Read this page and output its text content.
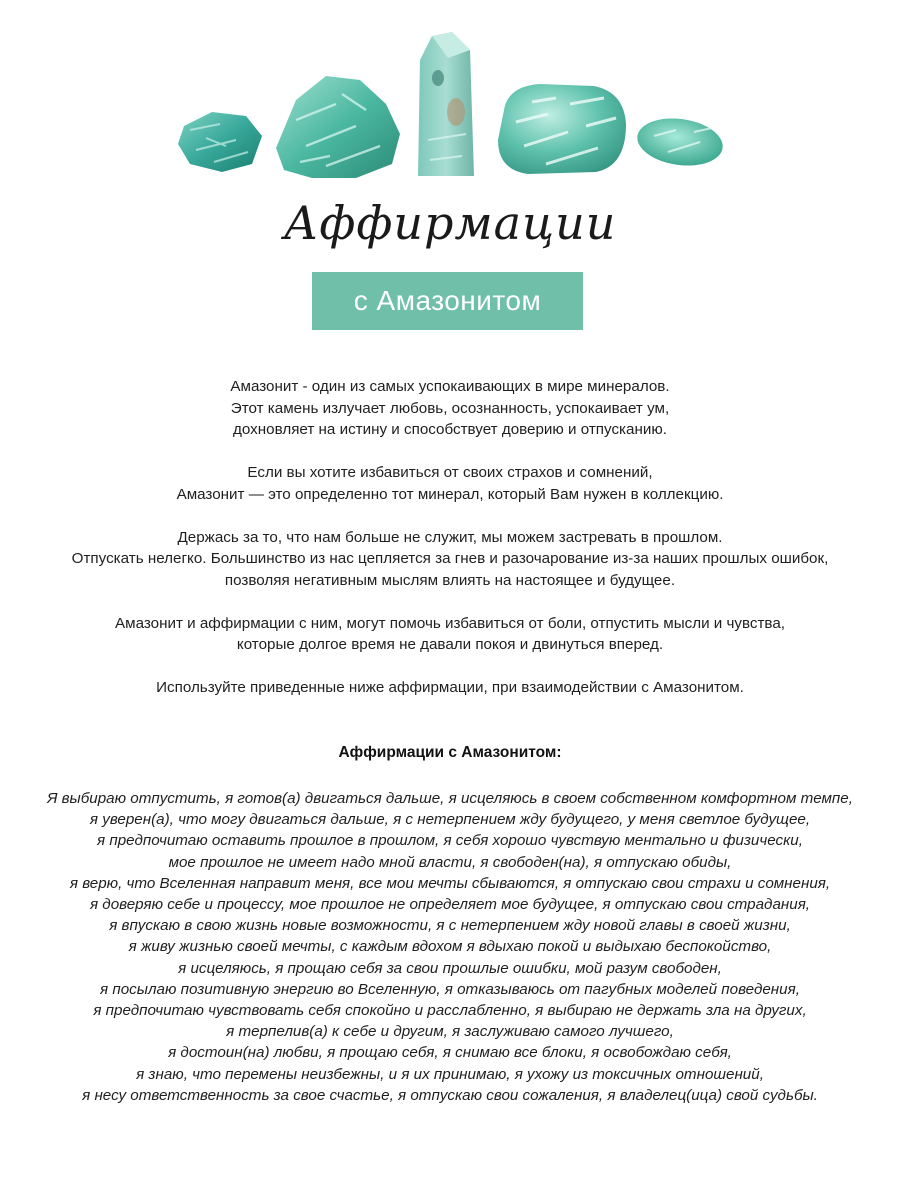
Аффирмации
с Амазонитом
Амазонит - один из самых успокаивающих в мире минералов.
Этот камень излучает любовь, осознанность, успокаивает ум,
дохновляет на истину и способствует доверию и отпусканию.
Если вы хотите избавиться от своих страхов и сомнений,
Амазонит — это определенно тот минерал, который Вам нужен в коллекцию.
Держась за то, что нам больше не служит, мы можем застревать в прошлом.
Отпускать нелегко. Большинство из нас цепляется за гнев и разочарование из-за наших прошлых ошибок,
позволяя негативным мыслям влиять на настоящее и будущее.
Амазонит и аффирмации с ним, могут помочь избавиться от боли, отпустить мысли и чувства,
которые долгое время не давали покоя и двинуться вперед.
Используйте приведенные ниже аффирмации, при взаимодействии с Амазонитом.
Аффирмации с Амазонитом:
Я выбираю отпустить, я готов(а) двигаться дальше, я исцеляюсь в своем собственном комфортном темпе,
я уверен(а), что могу двигаться дальше, я с нетерпением жду будущего, у меня светлое будущее,
я предпочитаю оставить прошлое в прошлом, я себя хорошо чувствую ментально и физически,
мое прошлое не имеет надо мной власти, я свободен(на), я отпускаю обиды,
я верю, что Вселенная направит меня, все мои мечты сбываются, я отпускаю свои страхи и сомнения,
я доверяю себе и процессу, мое прошлое не определяет мое будущее, я отпускаю свои страдания,
я впускаю в свою жизнь новые возможности, я с нетерпением жду новой главы в своей жизни,
я живу жизнью своей мечты, с каждым вдохом я вдыхаю покой и выдыхаю беспокойство,
я исцеляюсь, я прощаю себя за свои прошлые ошибки, мой разум свободен,
я посылаю позитивную энергию во Вселенную, я отказываюсь от пагубных моделей поведения,
я предпочитаю чувствовать себя спокойно и расслабленно, я выбираю не держать зла на других,
я терпелив(а) к себе и другим, я заслуживаю самого лучшего,
я достоин(на) любви, я прощаю себя, я снимаю все блоки, я освобождаю себя,
я знаю, что перемены неизбежны, и я их принимаю, я ухожу из токсичных отношений,
я несу ответственность за свое счастье, я отпускаю свои сожаления, я владелец(ица) свой судьбы.
